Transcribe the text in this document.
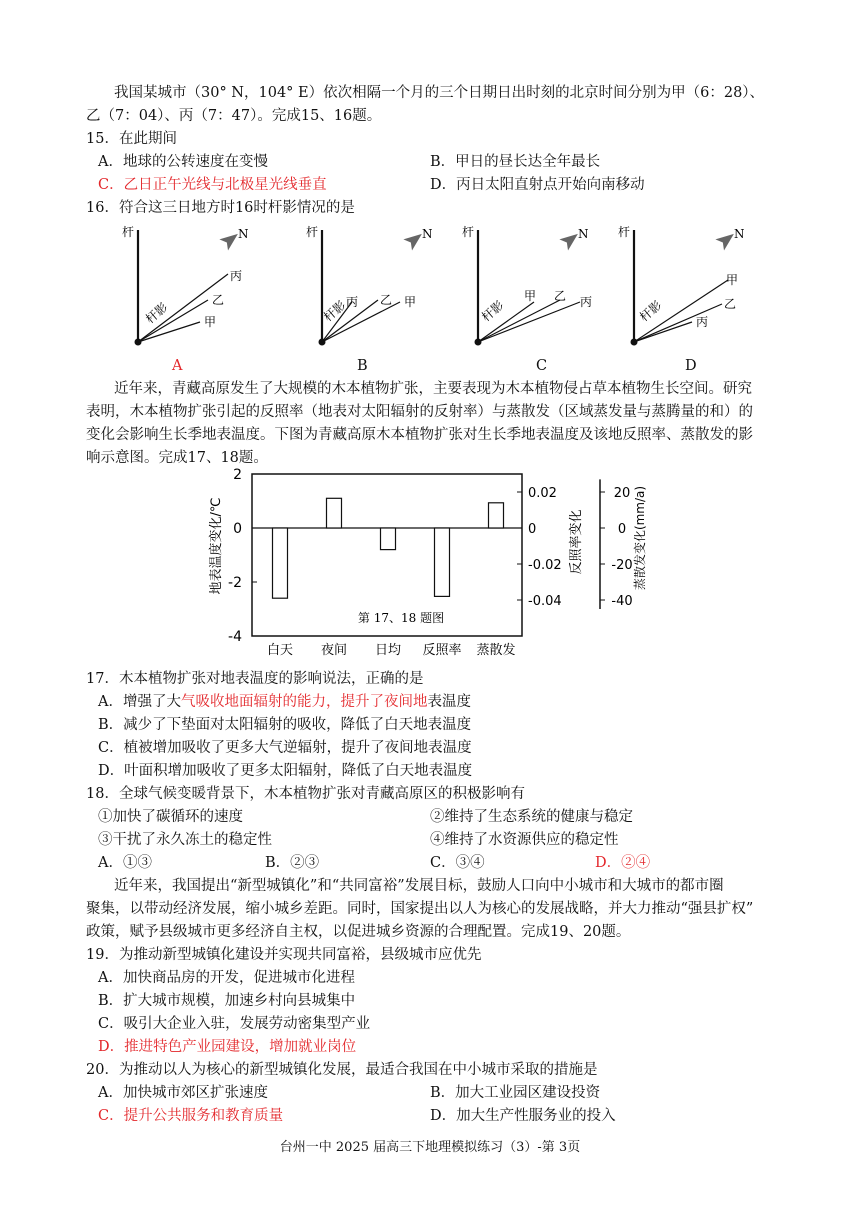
我国某城市（30° N，104° E）依次相隔一个月的三个日期日出时刻的北京时间分别为甲（6：28）、
乙（7：04）、丙（7：47）。完成15、16题。
15．在此期间
A．地球的公转速度在变慢	B．甲日的昼长达全年最长
C．乙日正午光线与北极星光线垂直	D．丙日太阳直射点开始向南移动
16．符合这三日地方时16时杆影情况的是
杆	N
甲
乙
丙
杆影
杆	N
甲
乙
丙
杆影
杆	N
甲 乙 丙
杆影
杆	N
甲
乙
丙
杆影
A	B	C	D
近年来，青藏高原发生了大规模的木本植物扩张，主要表现为木本植物侵占草本植物生长空间。研究
表明，木本植物扩张引起的反照率（地表对太阳辐射的反射率）与蒸散发（区域蒸发量与蒸腾量的和）的
变化会影响生长季地表温度。下图为青藏高原木本植物扩张对生长季地表温度及该地反照率、蒸散发的影
响示意图。完成17、18题。
2
0
-2
-4
地表温度变化/℃
0.02
0
-0.02
-0.04
反照率变化
20
0
-20
-40
蒸散发变化(mm/a)
白天 夜间 日均 反照率 蒸散发
第 17、18 题图
17．木本植物扩张对地表温度的影响说法，正确的是
A．增强了大气吸收地面辐射的能力，提升了夜间地表温度
B．减少了下垫面对太阳辐射的吸收，降低了白天地表温度
C．植被增加吸收了更多大气逆辐射，提升了夜间地表温度
D．叶面积增加吸收了更多太阳辐射，降低了白天地表温度
18．全球气候变暖背景下，木本植物扩张对青藏高原区的积极影响有
①加快了碳循环的速度	②维持了生态系统的健康与稳定
③干扰了永久冻土的稳定性	④维持了水资源供应的稳定性
A．①③	B．②③	C．③④	D．②④
近年来，我国提出“新型城镇化”和“共同富裕”发展目标，鼓励人口向中小城市和大城市的都市圈
聚集，以带动经济发展，缩小城乡差距。同时，国家提出以人为核心的发展战略，并大力推动“强县扩权”
政策，赋予县级城市更多经济自主权，以促进城乡资源的合理配置。完成19、20题。
19．为推动新型城镇化建设并实现共同富裕，县级城市应优先
A．加快商品房的开发，促进城市化进程
B．扩大城市规模，加速乡村向县城集中
C．吸引大企业入驻，发展劳动密集型产业
D．推进特色产业园建设，增加就业岗位
20．为推动以人为核心的新型城镇化发展，最适合我国在中小城市采取的措施是
A．加快城市郊区扩张速度	B．加大工业园区建设投资
C．提升公共服务和教育质量	D．加大生产性服务业的投入
台州一中 2025 届高三下地理模拟练习（3）-第 3页
